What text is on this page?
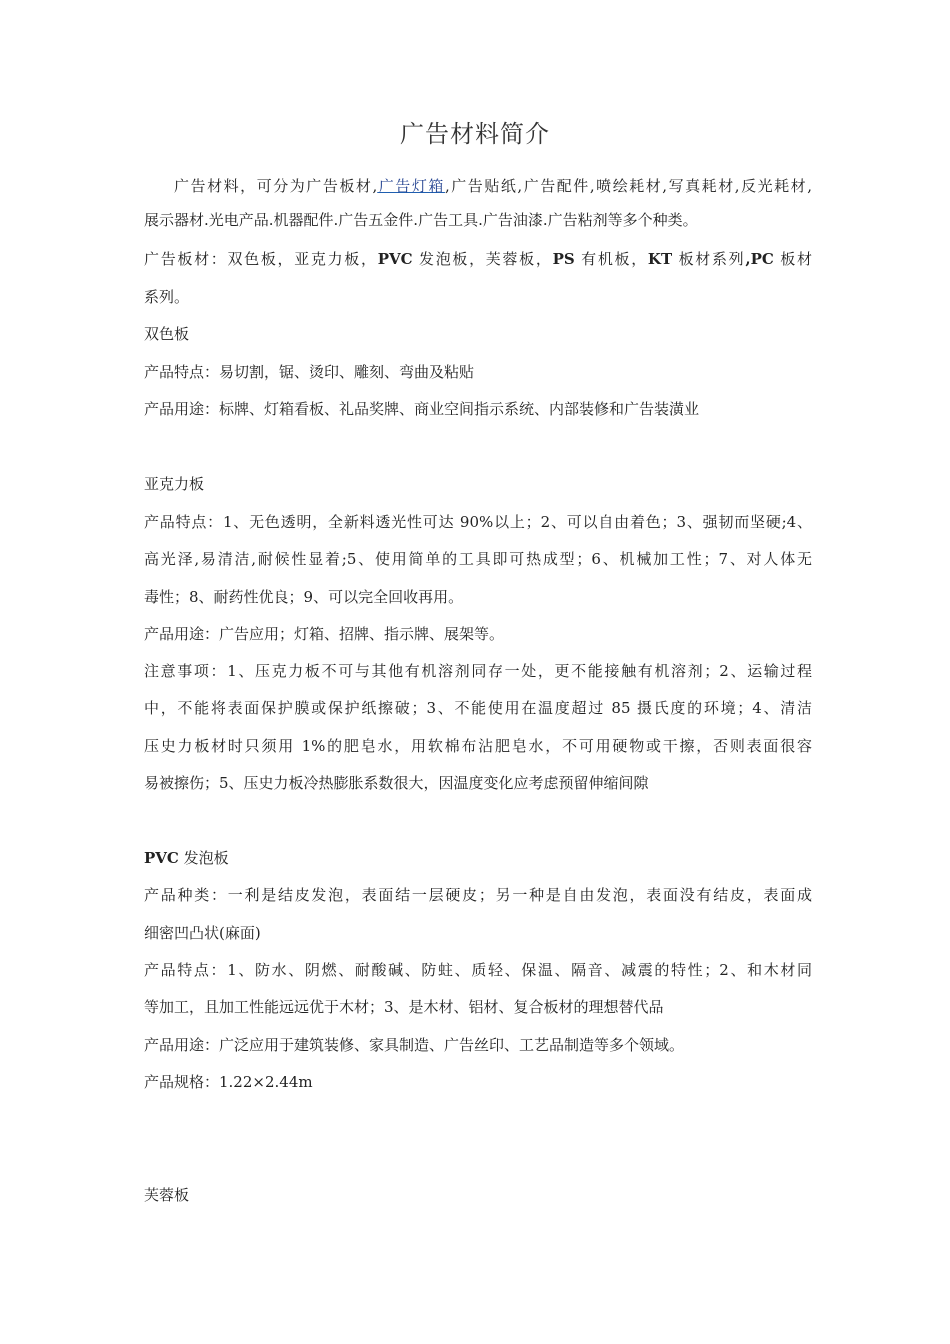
广告材料简介
广告材料，可分为广告板材,广告灯箱,广告贴纸,广告配件,喷绘耗材,写真耗材,反光耗材,
展示器材.光电产品.机器配件.广告五金件.广告工具.广告油漆.广告粘剂等多个种类。
广告板材：双色板，亚克力板，PVC 发泡板，芙蓉板，PS 有机板，KT 板材系列,PC 板材
系列。
双色板
产品特点：易切割，锯、烫印、雕刻、弯曲及粘贴
产品用途：标牌、灯箱看板、礼品奖牌、商业空间指示系统、内部装修和广告装潢业
亚克力板
产品特点：1、无色透明，全新料透光性可达 90%以上；2、可以自由着色；3、强韧而坚硬;4、
高光泽,易清洁,耐候性显着;5、使用简单的工具即可热成型；6、机械加工性；7、对人体无
毒性；8、耐药性优良；9、可以完全回收再用。
产品用途：广告应用；灯箱、招牌、指示牌、展架等。
注意事项：1、压克力板不可与其他有机溶剂同存一处，更不能接触有机溶剂；2、运输过程
中，不能将表面保护膜或保护纸擦破；3、不能使用在温度超过 85 摄氏度的环境；4、清洁
压史力板材时只须用 1%的肥皂水，用软棉布沾肥皂水，不可用硬物或干擦，否则表面很容
易被擦伤；5、压史力板冷热膨胀系数很大，因温度变化应考虑预留伸缩间隙
PVC 发泡板
产品种类：一利是结皮发泡，表面结一层硬皮；另一种是自由发泡，表面没有结皮，表面成
细密凹凸状(麻面)
产品特点：1、防水、阴燃、耐酸碱、防蛀、质轻、保温、隔音、减震的特性；2、和木材同
等加工，且加工性能远远优于木材；3、是木材、铝材、复合板材的理想替代品
产品用途：广泛应用于建筑装修、家具制造、广告丝印、工艺品制造等多个领域。
产品规格：1.22×2.44m
芙蓉板
